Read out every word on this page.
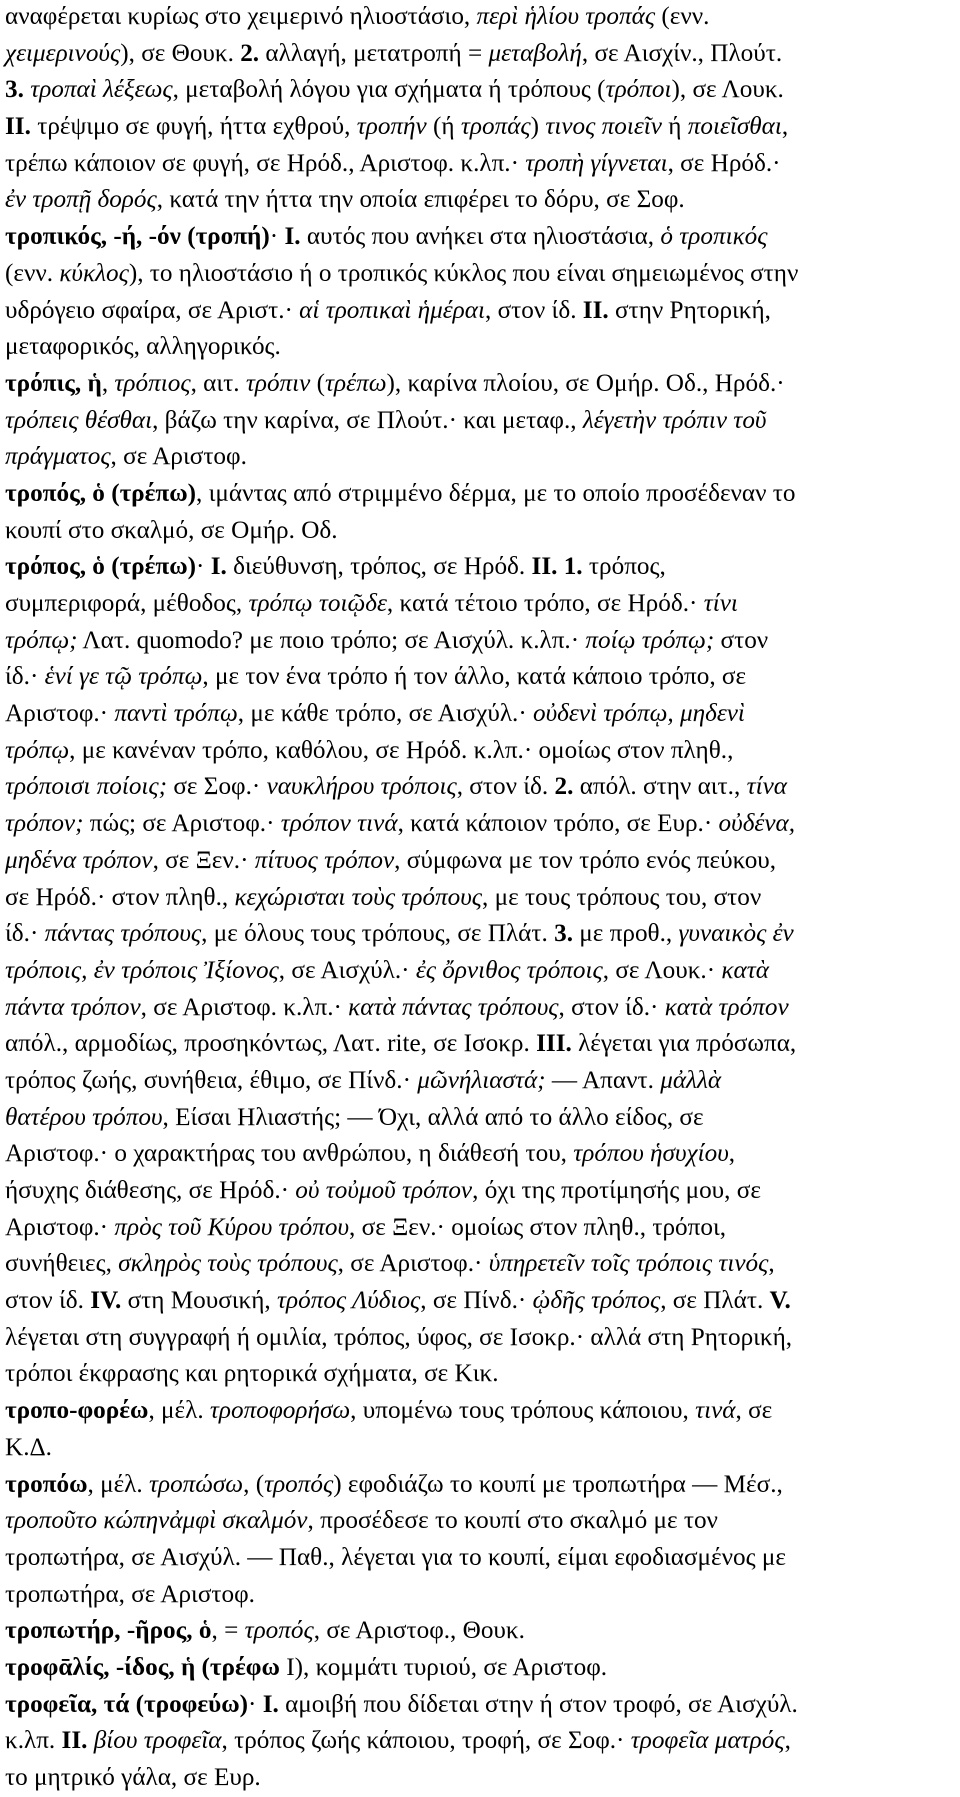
αναφέρεται κυρίως στο χειμερινό ηλιοστάσιο, περὶ ἡλίου τροπάς (ενν.
χειμερινούς), σε Θουκ. 2. αλλαγή, μετατροπή = μεταβολή, σε Αισχίν., Πλούτ.
3. τροπαὶ λέξεως, μεταβολή λόγου για σχήματα ή τρόπους (τρόποι), σε Λουκ.
II. τρέψιμο σε φυγή, ήττα εχθρού, τροπήν (ή τροπάς) τινος ποιεῖν ή ποιεῖσθαι,
τρέπω κάποιον σε φυγή, σε Ηρόδ., Αριστοφ. κ.λπ.· τροπὴ γίγνεται, σε Ηρόδ.·
ἐν τροπῇ δορός, κατά την ήττα την οποία επιφέρει το δόρυ, σε Σοφ.
τροπικός, -ή, -όν (τροπή)· I. αυτός που ανήκει στα ηλιοστάσια, ὁ τροπικός
(ενν. κύκλος), το ηλιοστάσιο ή ο τροπικός κύκλος που είναι σημειωμένος στην
υδρόγειο σφαίρα, σε Αριστ.· αἱ τροπικαὶ ἡμέραι, στον ίδ. II. στην Ρητορική,
μεταφορικός, αλληγορικός.
τρόπις, ἡ, τρόπιος, αιτ. τρόπιν (τρέπω), καρίνα πλοίου, σε Ομήρ. Οδ., Ηρόδ.·
τρόπεις θέσθαι, βάζω την καρίνα, σε Πλούτ.· και μεταφ., λέγετὴν τρόπιν τοῦ
πράγματος, σε Αριστοφ.
τροπός, ὁ (τρέπω), ιμάντας από στριμμένο δέρμα, με το οποίο προσέδεναν το
κουπί στο σκαλμό, σε Ομήρ. Οδ.
τρόπος, ὁ (τρέπω)· I. διεύθυνση, τρόπος, σε Ηρόδ. II. 1. τρόπος,
συμπεριφορά, μέθοδος, τρόπῳ τοιῷδε, κατά τέτοιο τρόπο, σε Ηρόδ.· τίνι
τρόπῳ; Λατ. quomodo? με ποιο τρόπο; σε Αισχύλ. κ.λπ.· ποίῳ τρόπῳ; στον
ίδ.· ἑνί γε τῷ τρόπῳ, με τον ένα τρόπο ή τον άλλο, κατά κάποιο τρόπο, σε
Αριστοφ.· παντὶ τρόπῳ, με κάθε τρόπο, σε Αισχύλ.· οὐδενὶ τρόπῳ, μηδενὶ
τρόπῳ, με κανέναν τρόπο, καθόλου, σε Ηρόδ. κ.λπ.· ομοίως στον πληθ.,
τρόποισι ποίοις; σε Σοφ.· ναυκλήρου τρόποις, στον ίδ. 2. απόλ. στην αιτ., τίνα
τρόπον; πώς; σε Αριστοφ.· τρόπον τινά, κατά κάποιον τρόπο, σε Ευρ.· οὐδένα,
μηδένα τρόπον, σε Ξεν.· πίτυος τρόπον, σύμφωνα με τον τρόπο ενός πεύκου,
σε Ηρόδ.· στον πληθ., κεχώρισται τοὺς τρόπους, με τους τρόπους του, στον
ίδ.· πάντας τρόπους, με όλους τους τρόπους, σε Πλάτ. 3. με προθ., γυναικὸς ἐν
τρόποις, ἐν τρόποις Ἰξίονος, σε Αισχύλ.· ἐς ὄρνιθος τρόποις, σε Λουκ.· κατὰ
πάντα τρόπον, σε Αριστοφ. κ.λπ.· κατὰ πάντας τρόπους, στον ίδ.· κατὰ τρόπον
απόλ., αρμοδίως, προσηκόντως, Λατ. rite, σε Ισοκρ. III. λέγεται για πρόσωπα,
τρόπος ζωής, συνήθεια, έθιμο, σε Πίνδ.· μῶνήλιαστά; — Απαντ. μἀλλὰ
θατέρου τρόπου, Είσαι Ηλιαστής; — Όχι, αλλά από το άλλο είδος, σε
Αριστοφ.· ο χαρακτήρας του ανθρώπου, η διάθεσή του, τρόπου ἡσυχίου,
ήσυχης διάθεσης, σε Ηρόδ.· οὐ τοὐμοῦ τρόπον, όχι της προτίμησής μου, σε
Αριστοφ.· πρὸς τοῦ Κύρου τρόπου, σε Ξεν.· ομοίως στον πληθ., τρόποι,
συνήθειες, σκληρὸς τοὺς τρόπους, σε Αριστοφ.· ὑπηρετεῖν τοῖς τρόποις τινός,
στον ίδ. IV. στη Μουσική, τρόπος Λύδιος, σε Πίνδ.· ᾠδῆς τρόπος, σε Πλάτ. V.
λέγεται στη συγγραφή ή ομιλία, τρόπος, ύφος, σε Ισοκρ.· αλλά στη Ρητορική,
τρόποι έκφρασης και ρητορικά σχήματα, σε Κικ.
τροπο-φορέω, μέλ. τροποφορήσω, υπομένω τους τρόπους κάποιου, τινά, σε
Κ.Δ.
τροπόω, μέλ. τροπώσω, (τροπός) εφοδιάζω το κουπί με τροπωτήρα — Μέσ.,
τροποῦτο κώπηνἀμφὶ σκαλμόν, προσέδεσε το κουπί στο σκαλμό με τον
τροπωτήρα, σε Αισχύλ. — Παθ., λέγεται για το κουπί, είμαι εφοδιασμένος με
τροπωτήρα, σε Αριστοφ.
τροπωτήρ, -ῆρος, ὁ, = τροπός, σε Αριστοφ., Θουκ.
τροφᾱλίς, -ίδος, ἡ (τρέφω I), κομμάτι τυριού, σε Αριστοφ.
τροφεῖα, τά (τροφεύω)· I. αμοιβή που δίδεται στην ή στον τροφό, σε Αισχύλ.
κ.λπ. II. βίου τροφεῖα, τρόπος ζωής κάποιου, τροφή, σε Σοφ.· τροφεῖα ματρός,
το μητρικό γάλα, σε Ευρ.
